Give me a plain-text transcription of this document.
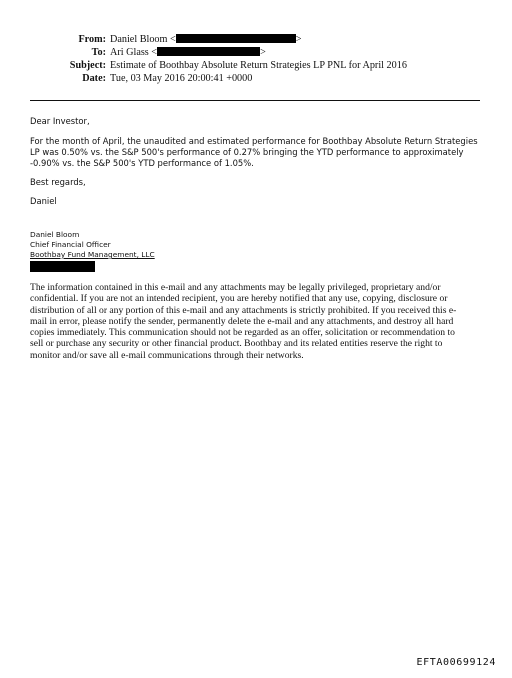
From: Daniel Bloom <	>
To: Ari Glass <	>
Subject: Estimate of Boothbay Absolute Return Strategies LP PNL for April 2016
Date: Tue, 03 May 2016 20:00:41 +0000
Dear Investor,
For the month of April, the unaudited and estimated performance for Boothbay Absolute Return Strategies
LP was 0.50% vs. the S&P 500's performance of 0.27% bringing the YTD performance to approximately
-0.90% vs. the S&P 500's YTD performance of 1.05%.
Best regards,
Daniel
Daniel Bloom
Chief Financial Officer
Boothbay Fund Management, LLC
The information contained in this e-mail and any attachments may be legally privileged, proprietary and/or
confidential. If you are not an intended recipient, you are hereby notified that any use, copying, disclosure or
distribution of all or any portion of this e-mail and any attachments is strictly prohibited. If you received this e-
mail in error, please notify the sender, permanently delete the e-mail and any attachments, and destroy all hard
copies immediately. This communication should not be regarded as an offer, solicitation or recommendation to
sell or purchase any security or other financial product. Boothbay and its related entities reserve the right to
monitor and/or save all e-mail communications through their networks.
EFTA00699124
